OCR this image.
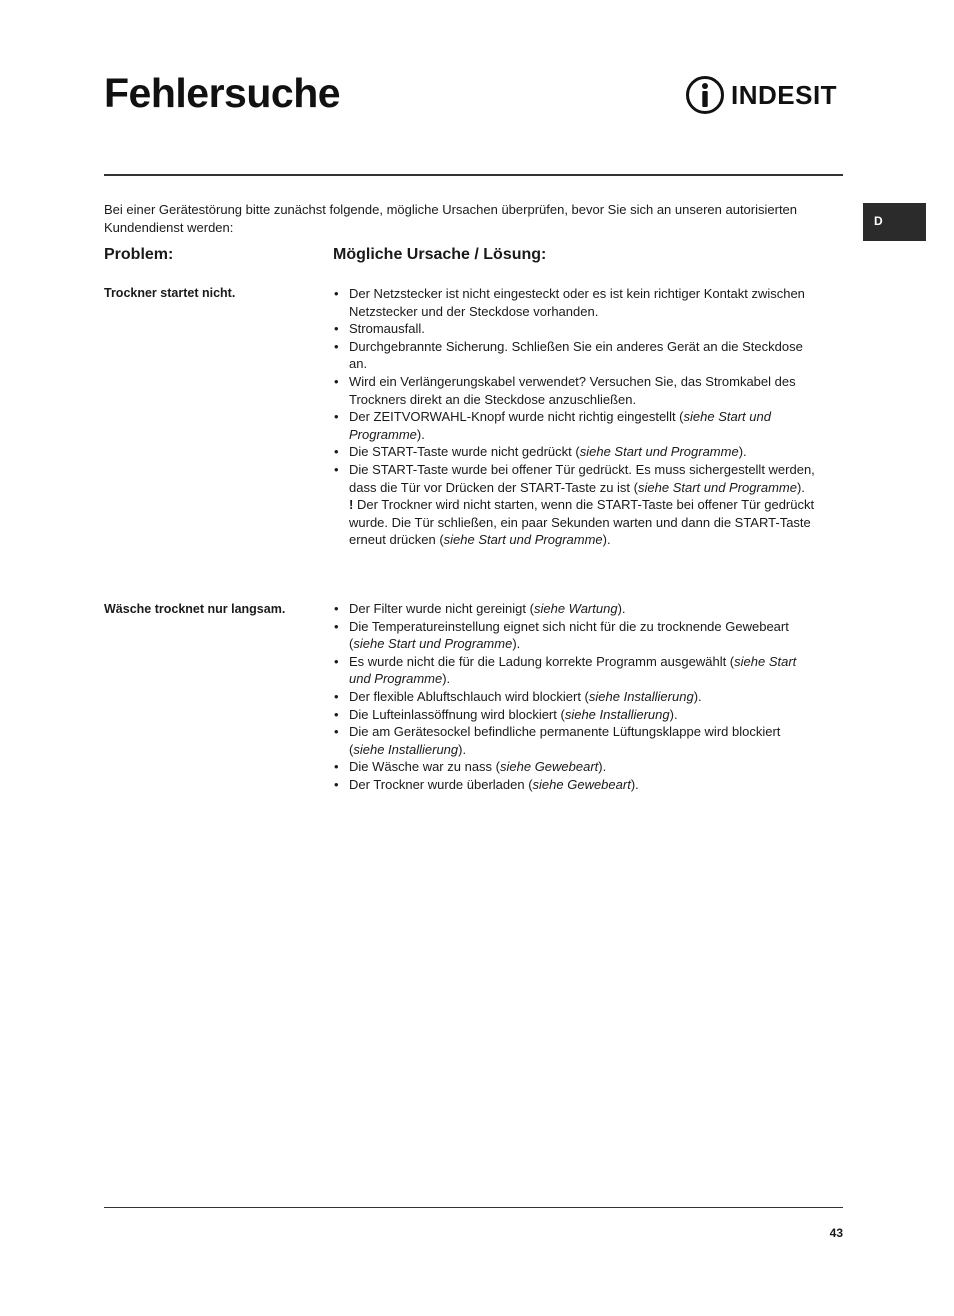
Fehlersuche	INDESIT
D

Bei einer Gerätestörung bitte zunächst folgende, mögliche Ursachen überprüfen, bevor Sie sich an unseren autorisierten Kundendienst werden:

Problem:	Mögliche Ursache / Lösung:

Trockner startet nicht.	• Der Netzstecker ist nicht eingesteckt oder es ist kein richtiger Kontakt zwischen Netzstecker und der Steckdose vorhanden.
• Stromausfall.
• Durchgebrannte Sicherung. Schließen Sie ein anderes Gerät an die Steckdose an.
• Wird ein Verlängerungskabel verwendet? Versuchen Sie, das Stromkabel des Trockners direkt an die Steckdose anzuschließen.
• Der ZEITVORWAHL-Knopf wurde nicht richtig eingestellt (siehe Start und Programme).
• Die START-Taste wurde nicht gedrückt (siehe Start und Programme).
• Die START-Taste wurde bei offener Tür gedrückt. Es muss sichergestellt werden, dass die Tür vor Drücken der START-Taste zu ist (siehe Start und Programme).
! Der Trockner wird nicht starten, wenn die START-Taste bei offener Tür gedrückt wurde. Die Tür schließen, ein paar Sekunden warten und dann die START-Taste erneut drücken (siehe Start und Programme).

Wäsche trocknet nur langsam.	• Der Filter wurde nicht gereinigt (siehe Wartung).
• Die Temperatureinstellung eignet sich nicht für die zu trocknende Gewebeart (siehe Start und Programme).
• Es wurde nicht die für die Ladung korrekte Programm ausgewählt (siehe Start und Programme).
• Der flexible Abluftschlauch wird blockiert (siehe Installierung).
• Die Lufteinlassöffnung wird blockiert (siehe Installierung).
• Die am Gerätesockel befindliche permanente Lüftungsklappe wird blockiert (siehe Installierung).
• Die Wäsche war zu nass (siehe Gewebeart).
• Der Trockner wurde überladen (siehe Gewebeart).
43
